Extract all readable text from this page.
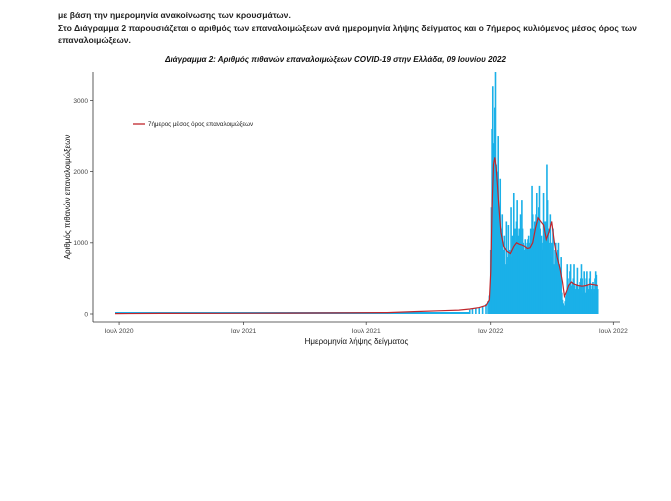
με βάση την ημερομηνία ανακοίνωσης των κρουσμάτων.

Στο Διάγραμμα 2 παρουσιάζεται ο αριθμός των επαναλοιμώξεων ανά ημερομηνία λήψης δείγματος και ο 7ήμερος κυλιόμενος μέσος όρος των επαναλοιμώξεων.

Διάγραμμα 2: Αριθμός πιθανών επαναλοιμώξεων COVID-19 στην Ελλάδα, 09 Ιουνίου 2022
0
1000
2000
3000
Ιουλ 2020	Ιαν 2021	Ιουλ 2021	Ιαν 2022	Ιουλ 2022
7ήμερος μέσος όρος επαναλοιμώξεων
Ημερομηνία λήψης δείγματος
Αριθμός πιθανών επαναλοιμώξεων
